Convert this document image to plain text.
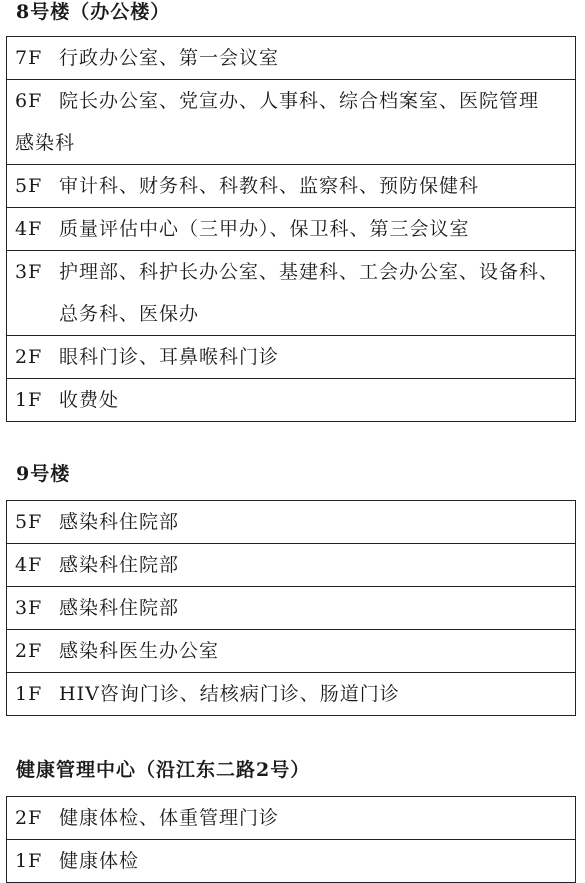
8号楼（办公楼）
7F 行政办公室、第一会议室
6F 院长办公室、党宣办、人事科、综合档案室、医院管理
感染科

5F 审计科、财务科、科教科、监察科、预防保健科
4F 质量评估中心（三甲办）、保卫科、第三会议室
3F 护理部、科护长办公室、基建科、工会办公室、设备科、
总务科、医保办

2F 眼科门诊、耳鼻喉科门诊
1F 收费处
9号楼
5F 感染科住院部
4F 感染科住院部
3F 感染科住院部
2F 感染科医生办公室
1F HIV咨询门诊、结核病门诊、肠道门诊
健康管理中心（沿江东二路2号）
2F 健康体检、体重管理门诊
1F 健康体检
